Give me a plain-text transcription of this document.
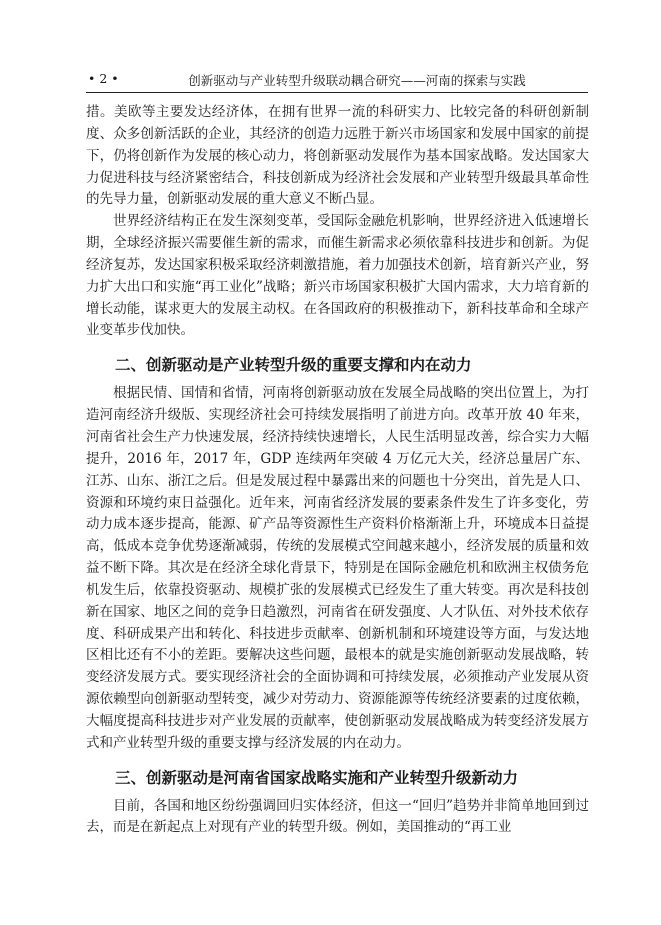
• 2 •	创新驱动与产业转型升级联动耦合研究——河南的探索与实践

措。美欧等主要发达经济体，在拥有世界一流的科研实力、比较完备的科研创新制度、众多创新活跃的企业，其经济的创造力远胜于新兴市场国家和发展中国家的前提下，仍将创新作为发展的核心动力，将创新驱动发展作为基本国家战略。发达国家大力促进科技与经济紧密结合，科技创新成为经济社会发展和产业转型升级最具革命性的先导力量，创新驱动发展的重大意义不断凸显。

世界经济结构正在发生深刻变革，受国际金融危机影响，世界经济进入低速增长期，全球经济振兴需要催生新的需求，而催生新需求必须依靠科技进步和创新。为促经济复苏，发达国家积极采取经济刺激措施，着力加强技术创新，培育新兴产业，努力扩大出口和实施“再工业化”战略；新兴市场国家积极扩大国内需求，大力培育新的增长动能，谋求更大的发展主动权。在各国政府的积极推动下，新科技革命和全球产业变革步伐加快。

二、创新驱动是产业转型升级的重要支撑和内在动力

根据民情、国情和省情，河南将创新驱动放在发展全局战略的突出位置上，为打造河南经济升级版、实现经济社会可持续发展指明了前进方向。改革开放 40 年来，河南省社会生产力快速发展，经济持续快速增长，人民生活明显改善，综合实力大幅提升，2016 年，2017 年，GDP 连续两年突破 4 万亿元大关，经济总量居广东、江苏、山东、浙江之后。但是发展过程中暴露出来的问题也十分突出，首先是人口、资源和环境约束日益强化。近年来，河南省经济发展的要素条件发生了许多变化，劳动力成本逐步提高，能源、矿产品等资源性生产资料价格渐渐上升，环境成本日益提高，低成本竞争优势逐渐减弱，传统的发展模式空间越来越小，经济发展的质量和效益不断下降。其次是在经济全球化背景下，特别是在国际金融危机和欧洲主权债务危机发生后，依靠投资驱动、规模扩张的发展模式已经发生了重大转变。再次是科技创新在国家、地区之间的竞争日趋激烈，河南省在研发强度、人才队伍、对外技术依存度、科研成果产出和转化、科技进步贡献率、创新机制和环境建设等方面，与发达地区相比还有不小的差距。要解决这些问题，最根本的就是实施创新驱动发展战略，转变经济发展方式。要实现经济社会的全面协调和可持续发展，必须推动产业发展从资源依赖型向创新驱动型转变，减少对劳动力、资源能源等传统经济要素的过度依赖，大幅度提高科技进步对产业发展的贡献率，使创新驱动发展战略成为转变经济发展方式和产业转型升级的重要支撑与经济发展的内在动力。

三、创新驱动是河南省国家战略实施和产业转型升级新动力

目前，各国和地区纷纷强调回归实体经济，但这一“回归”趋势并非简单地回到过去，而是在新起点上对现有产业的转型升级。例如，美国推动的“再工业
